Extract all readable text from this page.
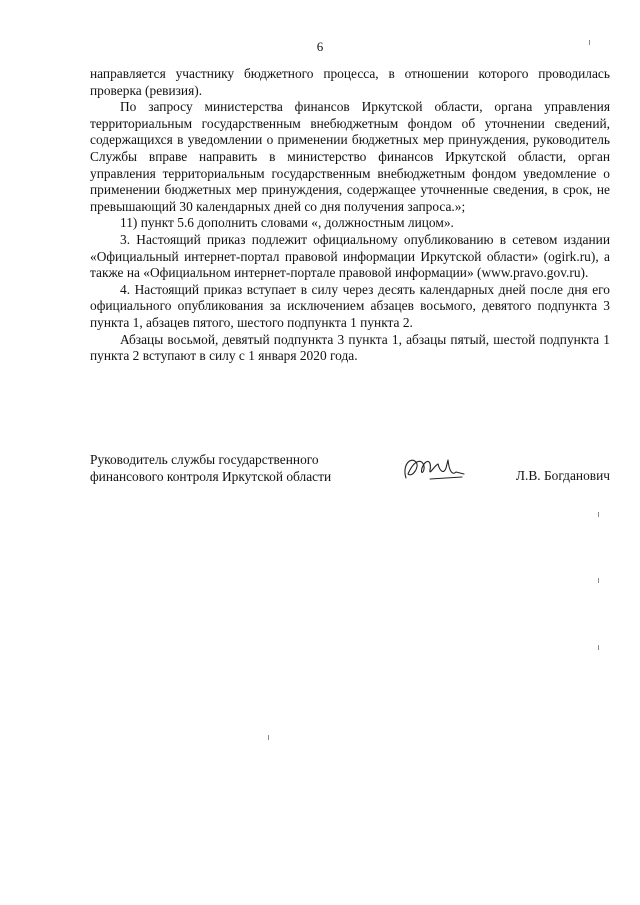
6

направляется участнику бюджетного процесса, в отношении которого проводилась проверка (ревизия).

По запросу министерства финансов Иркутской области, органа управления территориальным государственным внебюджетным фондом об уточнении сведений, содержащихся в уведомлении о применении бюджетных мер принуждения, руководитель Службы вправе направить в министерство финансов Иркутской области, орган управления территориальным государственным внебюджетным фондом уведомление о применении бюджетных мер принуждения, содержащее уточненные сведения, в срок, не превышающий 30 календарных дней со дня получения запроса.»;

11) пункт 5.6 дополнить словами «, должностным лицом».

3. Настоящий приказ подлежит официальному опубликованию в сетевом издании «Официальный интернет-портал правовой информации Иркутской области» (ogirk.ru), а также на «Официальном интернет-портале правовой информации» (www.pravo.gov.ru).

4. Настоящий приказ вступает в силу через десять календарных дней после дня его официального опубликования за исключением абзацев восьмого, девятого подпункта 3 пункта 1, абзацев пятого, шестого подпункта 1 пункта 2.

Абзацы восьмой, девятый подпункта 3 пункта 1, абзацы пятый, шестой подпункта 1 пункта 2 вступают в силу с 1 января 2020 года.

Руководитель службы государственного
финансового контроля Иркутской области	Л.В. Богданович
